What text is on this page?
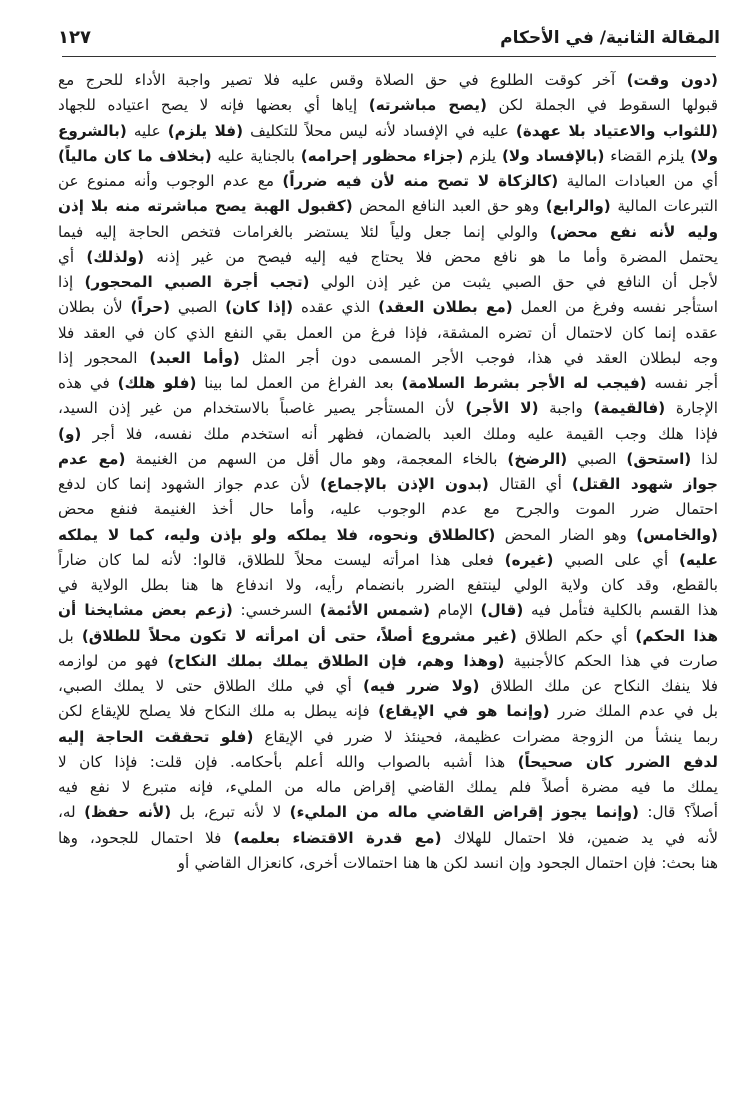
المقالة الثانية/ في الأحكام
١٢٧
(دون وقت) آخر كوقت الطلوع في حق الصلاة وقس عليه فلا تصير واجبة الأداء للحرج مع
قبولها السقوط في الجملة لكن (يصح مباشرته) إياها أي بعضها فإنه لا يصح اعتياده للجهاد
(للثواب والاعتياد بلا عهدة) عليه في الإفساد لأنه ليس محلاً للتكليف (فلا يلزم) عليه (بالشروع
ولا) يلزم القضاء (بالإفساد ولا) يلزم (جزاء محظور إحرامه) بالجناية عليه (بخلاف ما كان مالياً)
أي من العبادات المالية (كالزكاة لا تصح منه لأن فيه ضرراً) مع عدم الوجوب وأنه ممنوع عن
التبرعات المالية (والرابع) وهو حق العبد النافع المحض (كقبول الهبة يصح مباشرته منه بلا إذن
وليه لأنه نفع محض) والولي إنما جعل ولياً لئلا يستضر بالغرامات فتخص الحاجة إليه فيما
يحتمل المضرة وأما ما هو نافع محض فلا يحتاج فيه إليه فيصح من غير إذنه (ولذلك) أي
لأجل أن النافع في حق الصبي يثبت من غير إذن الولي (تجب أجرة الصبي المحجور) إذا
استأجر نفسه وفرغ من العمل (مع بطلان العقد) الذي عقده (إذا كان) الصبي (حراً) لأن بطلان
عقده إنما كان لاحتمال أن تضره المشقة، فإذا فرغ من العمل بقي النفع الذي كان في العقد فلا
وجه لبطلان العقد في هذا، فوجب الأجر المسمى دون أجر المثل (وأما العبد) المحجور إذا
أجر نفسه (فيجب له الأجر بشرط السلامة) بعد الفراغ من العمل لما بينا (فلو هلك) في هذه
الإجارة (فالقيمة) واجبة (لا الأجر) لأن المستأجر يصير غاصباً بالاستخدام من غير إذن السيد،
فإذا هلك وجب القيمة عليه وملك العبد بالضمان، فظهر أنه استخدم ملك نفسه، فلا أجر (و)
لذا (استحق) الصبي (الرضخ) بالخاء المعجمة، وهو مال أقل من السهم من الغنيمة (مع عدم
جواز شهود القتل) أي القتال (بدون الإذن بالإجماع) لأن عدم جواز الشهود إنما كان لدفع
احتمال ضرر الموت والجرح مع عدم الوجوب عليه، وأما حال أخذ الغنيمة فنفع محض
(والخامس) وهو الضار المحض (كالطلاق ونحوه، فلا يملكه ولو بإذن وليه، كما لا يملكه
عليه) أي على الصبي (غيره) فعلى هذا امرأته ليست محلاً للطلاق، قالوا: لأنه لما كان ضاراً
بالقطع، وقد كان ولاية الولي لينتفع الضرر بانضمام رأيه، ولا اندفاع ها هنا بطل الولاية في
هذا القسم بالكلية فتأمل فيه (قال) الإمام (شمس الأئمة) السرخسي: (زعم بعض مشايخنا أن
هذا الحكم) أي حكم الطلاق (غير مشروع أصلاً، حتى أن امرأته لا تكون محلاً للطلاق) بل
صارت في هذا الحكم كالأجنبية (وهذا وهم، فإن الطلاق يملك بملك النكاح) فهو من لوازمه
فلا ينفك النكاح عن ملك الطلاق (ولا ضرر فيه) أي في ملك الطلاق حتى لا يملك الصبي،
بل في عدم الملك ضرر (وإنما هو في الإيقاع) فإنه يبطل به ملك النكاح فلا يصلح للإيقاع لكن
ربما ينشأ من الزوجة مضرات عظيمة، فحينئذ لا ضرر في الإيقاع (فلو تحققت الحاجة إليه
لدفع الضرر كان صحيحاً) هذا أشبه بالصواب والله أعلم بأحكامه. فإن قلت: فإذا كان لا
يملك ما فيه مضرة أصلاً فلم يملك القاضي إقراض ماله من المليء، فإنه متبرع لا نفع فيه
أصلاً؟ قال: (وإنما يجوز إقراض القاضي ماله من المليء) لا لأنه تبرع، بل (لأنه حفظ) له،
لأنه في يد ضمين، فلا احتمال للهلاك (مع قدرة الاقتضاء بعلمه) فلا احتمال للجحود، وها
هنا بحث: فإن احتمال الجحود وإن انسد لكن ها هنا احتمالات أخرى، كانعزال القاضي أو
